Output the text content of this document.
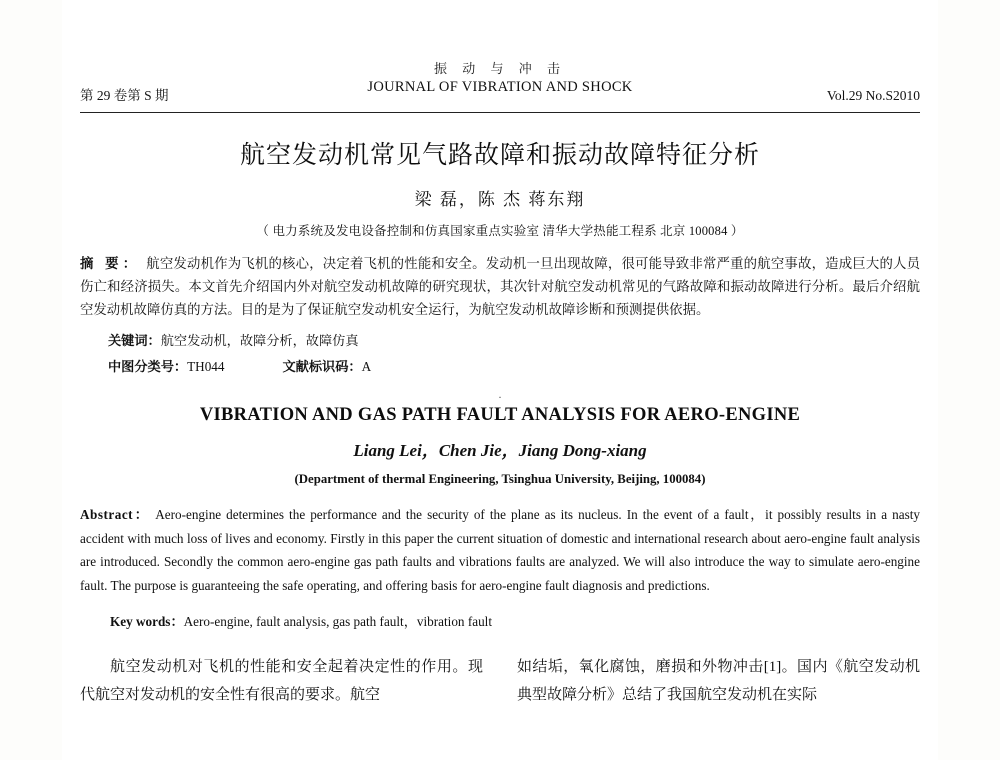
振 动 与 冲 击
JOURNAL OF VIBRATION AND SHOCK
第 29 卷第 S 期	Vol.29 No.S2010
航空发动机常见气路故障和振动故障特征分析
梁 磊，陈 杰 蒋东翔
（ 电力系统及发电设备控制和仿真国家重点实验室 清华大学热能工程系 北京 100084 ）
摘 要： 航空发动机作为飞机的核心，决定着飞机的性能和安全。发动机一旦出现故障，很可能导致非常严重的航空事故，造成巨大的人员伤亡和经济损失。本文首先介绍国内外对航空发动机故障的研究现状，其次针对航空发动机常见的气路故障和振动故障进行分析。最后介绍航空发动机故障仿真的方法。目的是为了保证航空发动机安全运行，为航空发动机故障诊断和预测提供依据。
关键词：航空发动机，故障分析，故障仿真
中图分类号：TH044	文献标识码：A
.
VIBRATION AND GAS PATH FAULT ANALYSIS FOR AERO-ENGINE
Liang Lei，Chen Jie，Jiang Dong-xiang
(Department of thermal Engineering, Tsinghua University, Beijing, 100084)
Abstract： Aero-engine determines the performance and the security of the plane as its nucleus. In the event of a fault，it possibly results in a nasty accident with much loss of lives and economy. Firstly in this paper the current situation of domestic and international research about aero-engine fault analysis are introduced. Secondly the common aero-engine gas path faults and vibrations faults are analyzed. We will also introduce the way to simulate aero-engine fault. The purpose is guaranteeing the safe operating, and offering basis for aero-engine fault diagnosis and predictions.
Key words：Aero-engine, fault analysis, gas path fault，vibration fault

航空发动机对飞机的性能和安全起着决定性的作用。现代航空对发动机的安全性有很高的要求。航空

如结垢，氧化腐蚀，磨损和外物冲击[1]。国内《航空发动机典型故障分析》总结了我国航空发动机在实际
